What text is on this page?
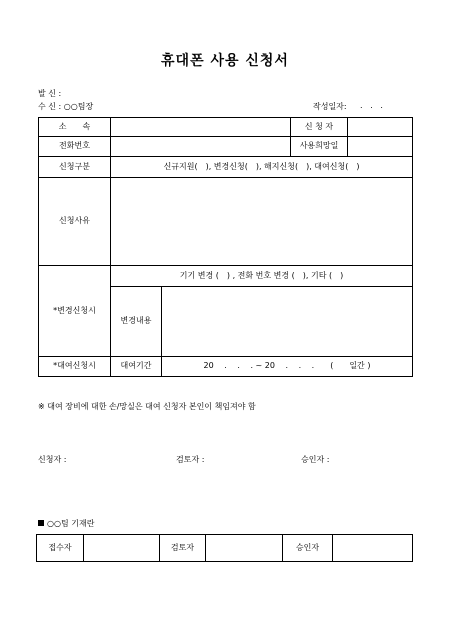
휴대폰 사용 신청서
발 신 :
수 신 : ○○팀장	작성일자: .   .   .
소　　속			신 청 자	
전화번호			사용희망일	
신청구분	신규지원(　), 변경신청(　), 해지신청(　), 대여신청(　)			
신청사유				
*변경신청시	기기 변경 (　) , 전화 번호 변경 (　), 기타 (　)			
	변경내용			
*대여신청시	대여기간	20　 .　 .　 . ~ 20　 .　 .　 .　　(　　일간 )		
※ 대여 장비에 대한 손/망실은 대여 신청자 본인이 책임져야 함
신청자 :	검토자 :	승인자 :
○○팀 기재란
접수자		검토자		승인자	
